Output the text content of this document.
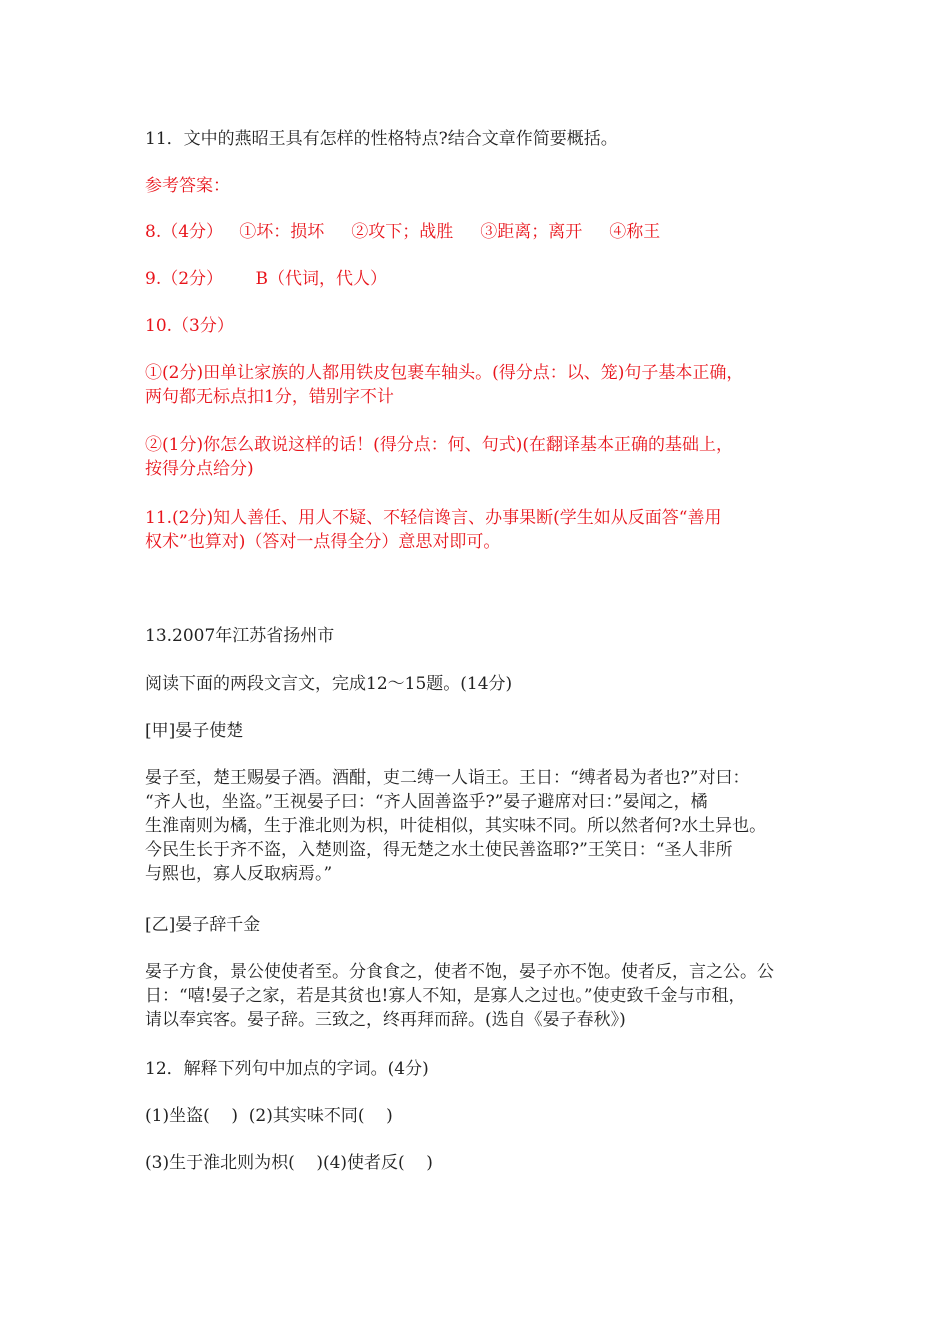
11．文中的燕昭王具有怎样的性格特点?结合文章作简要概括。

参考答案：

8.（4分）   ①坏：损坏     ②攻下；战胜     ③距离；离开     ④称王

9.（2分）      B（代词，代人）

10.（3分）

①(2分)田单让家族的人都用铁皮包裹车轴头。(得分点：以、笼)句子基本正确，

两句都无标点扣1分，错别字不计

②(1分)你怎么敢说这样的话！(得分点：何、句式)(在翻译基本正确的基础上，

按得分点给分)

11.(2分)知人善任、用人不疑、不轻信谗言、办事果断(学生如从反面答“善用

权术”也算对)（答对一点得全分）意思对即可。

13.2007年江苏省扬州市

阅读下面的两段文言文，完成12～15题。(14分)

[甲]晏子使楚

晏子至，楚王赐晏子酒。酒酣，吏二缚一人诣王。王日：“缚者曷为者也?”对曰：

“齐人也，坐盗。”王视晏子曰：“齐人固善盗乎?”晏子避席对曰：”晏闻之，橘

生淮南则为橘，生于淮北则为枳，叶徒相似，其实味不同。所以然者何?水土异也。

今民生长于齐不盗，入楚则盗，得无楚之水土使民善盗耶?”王笑日：“圣人非所

与熙也，寡人反取病焉。”

[乙]晏子辞千金

晏子方食，景公使使者至。分食食之，使者不饱，晏子亦不饱。使者反，言之公。公

日：“嘻!晏子之家，若是其贫也!寡人不知，是寡人之过也。”使吏致千金与市租，

请以奉宾客。晏子辞。三致之，终再拜而辞。(选自《晏子春秋》)

12．解释下列句中加点的字词。(4分)

(1)坐盗(    )  (2)其实味不同(    )

(3)生于淮北则为枳(    )(4)使者反(    )
